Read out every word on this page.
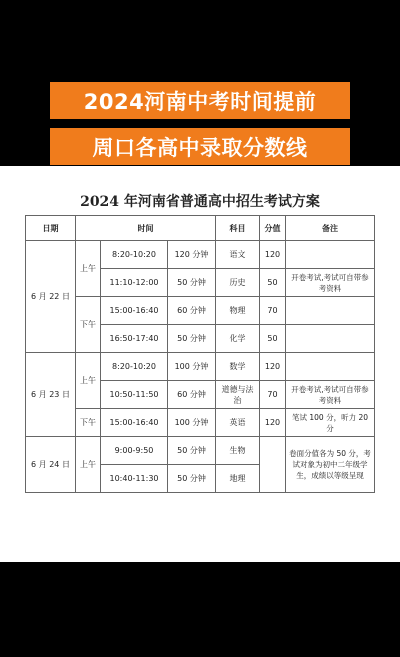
2024河南中考时间提前
周口各高中录取分数线
2024 年河南省普通高中招生考试方案
日期	时间			科目	分值	备注
6 月 22 日	上午	8:20-10:20	120 分钟	语文	120	
		11:10-12:00	50 分钟	历史	50	开卷考试,考试可自带参考资料
	下午	15:00-16:40	60 分钟	物理	70	
		16:50-17:40	50 分钟	化学	50	
6 月 23 日	上午	8:20-10:20	100 分钟	数学	120	
		10:50-11:50	60 分钟	道德与法治	70	开卷考试,考试可自带参考资料
	下午	15:00-16:40	100 分钟	英语	120	笔试 100 分，听力 20 分
6 月 24 日	上午	9:00-9:50	50 分钟	生物		卷面分值各为 50 分，考试对象为初中二年级学生，成绩以等级呈现
		10:40-11:30	50 分钟	地理		
